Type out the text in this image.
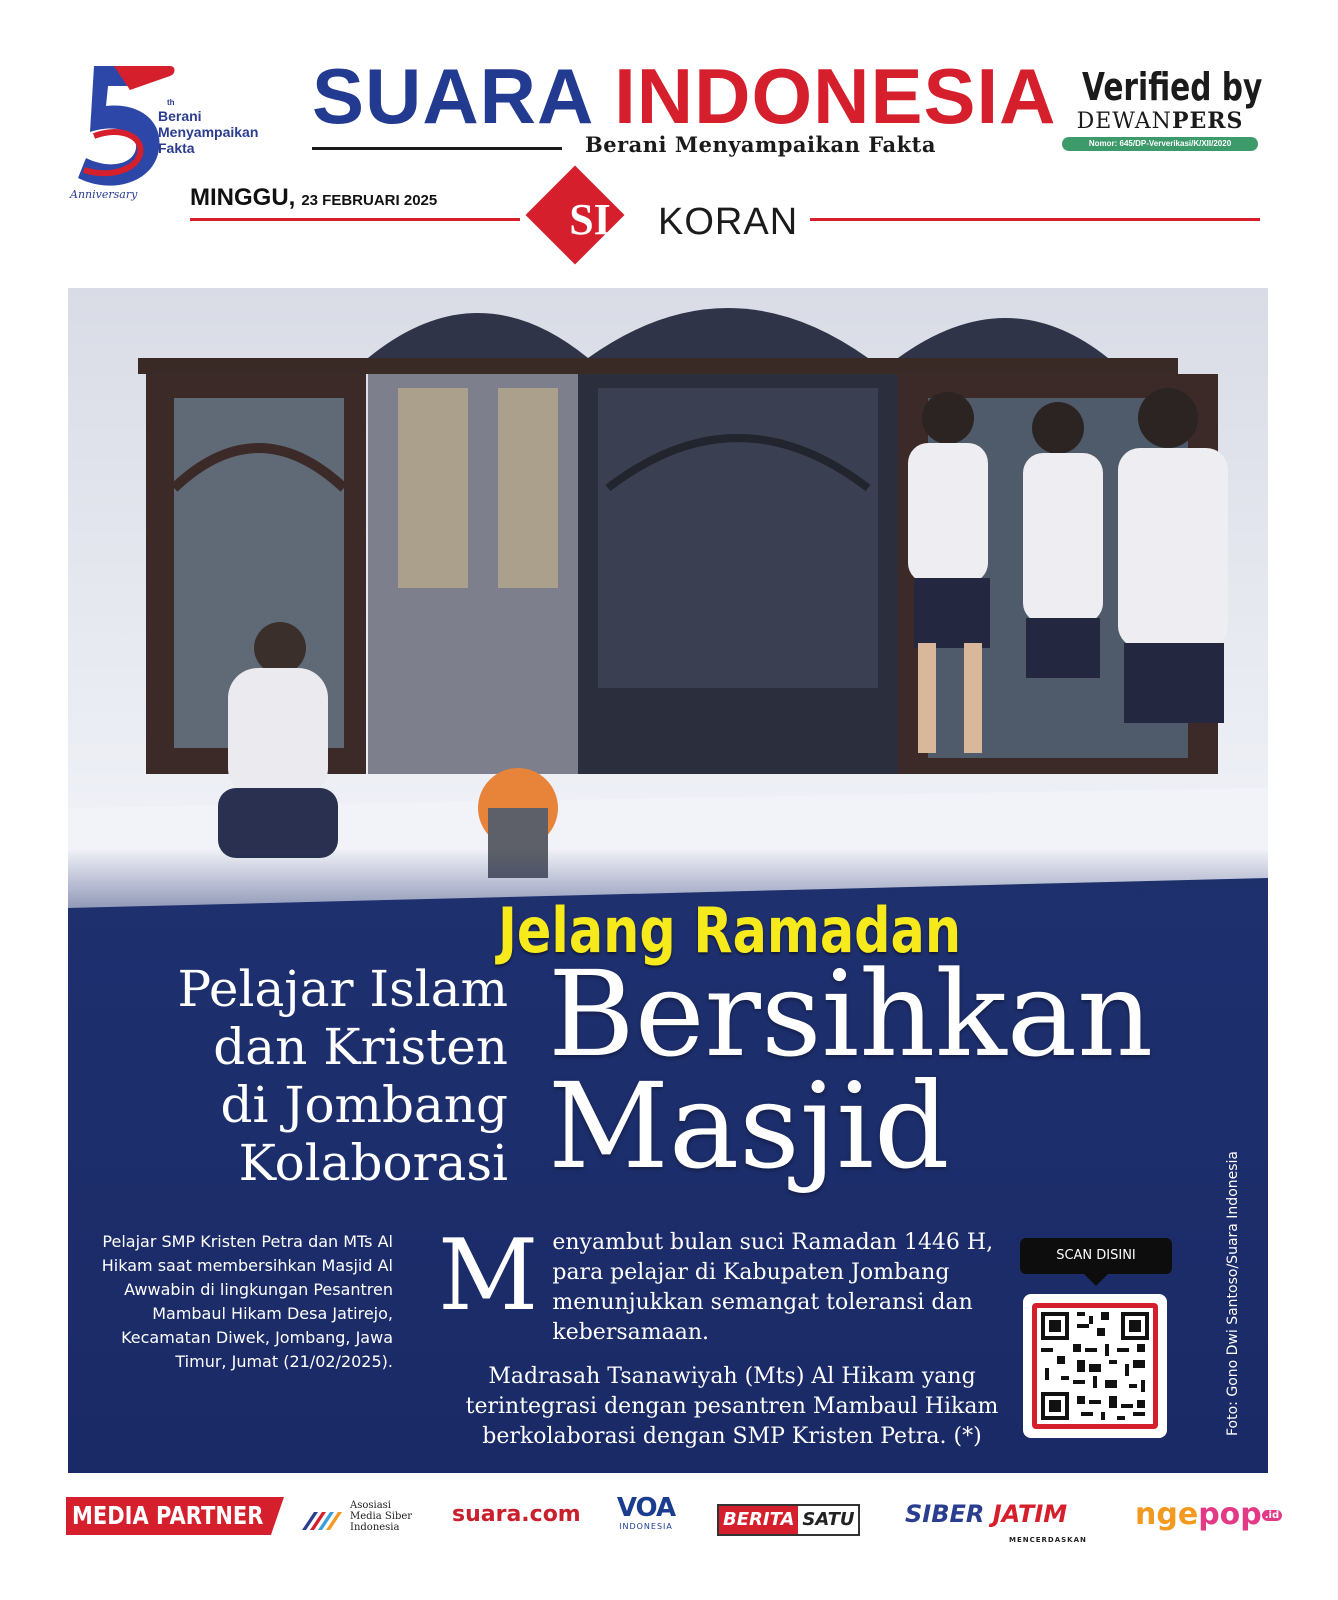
th
Berani Menyampaikan Fakta
Anniversary
SUARA INDONESIA
Berani Menyampaikan Fakta
Verified by
DEWANPERS
Nomor: 645/DP-Ververikasi/K/XII/2020
MINGGU, 23 FEBRUARI 2025	SI	KORAN
Jelang Ramadan
Pelajar Islam
dan Kristen
di Jombang
Kolaborasi
Bersihkan
Masjid
Pelajar SMP Kristen Petra dan MTs Al Hikam saat membersihkan Masjid Al Awwabin di lingkungan Pesantren Mambaul Hikam Desa Jatirejo, Kecamatan Diwek, Jombang, Jawa Timur, Jumat (21/02/2025).

Menyambut bulan suci Ramadan 1446 H, para pelajar di Kabupaten Jombang menunjukkan semangat toleransi dan kebersamaan.

Madrasah Tsanawiyah (Mts) Al Hikam yang terintegrasi dengan pesantren Mambaul Hikam berkolaborasi dengan SMP Kristen Petra. (*)

SCAN DISINI	Foto: Gono Dwi Santoso/Suara Indonesia
MEDIA PARTNER	Asosiasi Media Siber Indonesia
suara.com VOA
INDONESIA	BERITA SATU SIBER JATIM
MENCERDASKAN
ngepop .id
